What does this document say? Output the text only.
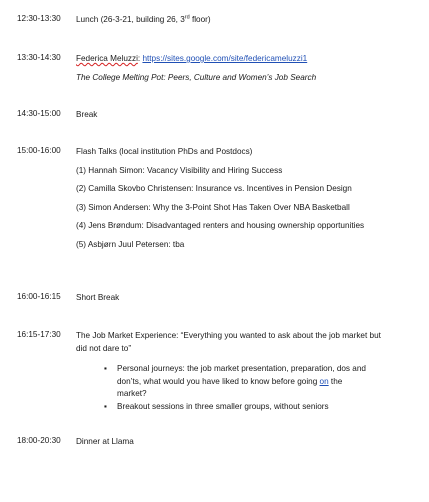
12:30-13:30 Lunch (26-3-21, building 26, 3rd floor)
13:30-14:30 Federica Meluzzi: https://sites.google.com/site/federicameluzzi1
The College Melting Pot: Peers, Culture and Women’s Job Search
14:30-15:00 Break
15:00-16:00 Flash Talks (local institution PhDs and Postdocs)
(1) Hannah Simon: Vacancy Visibility and Hiring Success
(2) Camilla Skovbo Christensen: Insurance vs. Incentives in Pension Design
(3) Simon Andersen: Why the 3-Point Shot Has Taken Over NBA Basketball
(4) Jens Brøndum: Disadvantaged renters and housing ownership opportunities
(5) Asbjørn Juul Petersen: tba
16:00-16:15 Short Break
16:15-17:30 The Job Market Experience: “Everything you wanted to ask about the job market but did not dare to”
▪ Personal journeys: the job market presentation, preparation, dos and don’ts, what would you have liked to know before going on the market?
▪ Breakout sessions in three smaller groups, without seniors
18:00-20:30 Dinner at Llama
